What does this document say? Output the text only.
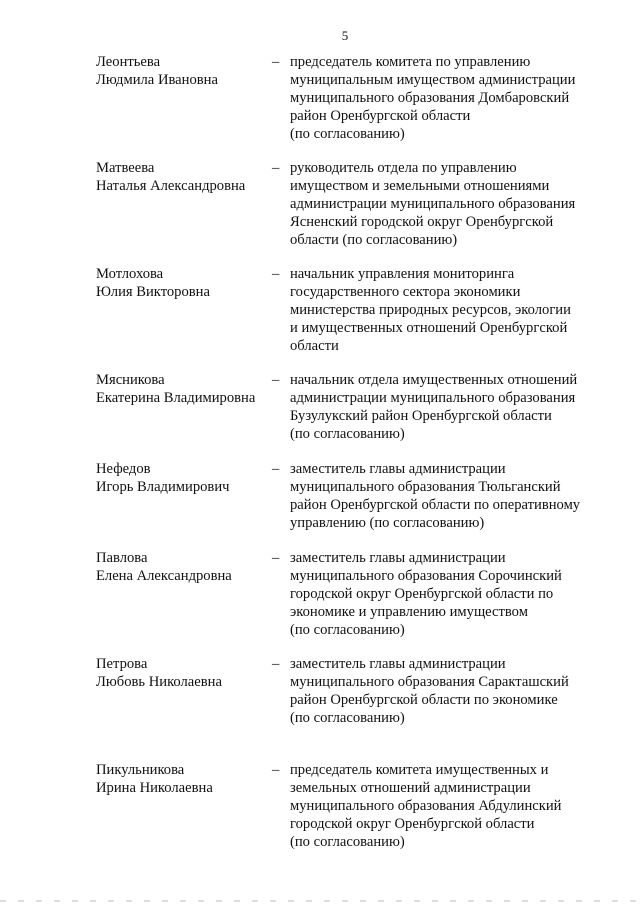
5
Леонтьева
Людмила Ивановна
– председатель комитета по управлению
муниципальным имуществом администрации
муниципального образования Домбаровский
район Оренбургской области
(по согласованию)
Матвеева
Наталья Александровна
– руководитель отдела по управлению
имуществом и земельными отношениями
администрации муниципального образования
Ясненский городской округ Оренбургской
области (по согласованию)
Мотлохова
Юлия Викторовна
– начальник управления мониторинга
государственного сектора экономики
министерства природных ресурсов, экологии
и имущественных отношений Оренбургской
области
Мясникова
Екатерина Владимировна
– начальник отдела имущественных отношений
администрации муниципального образования
Бузулукский район Оренбургской области
(по согласованию)
Нефедов
Игорь Владимирович
– заместитель главы администрации
муниципального образования Тюльганский
район Оренбургской области по оперативному
управлению (по согласованию)
Павлова
Елена Александровна
– заместитель главы администрации
муниципального образования Сорочинский
городской округ Оренбургской области по
экономике и управлению имуществом
(по согласованию)
Петрова
Любовь Николаевна
– заместитель главы администрации
муниципального образования Саракташский
район Оренбургской области по экономике
(по согласованию)
Пикульникова
Ирина Николаевна
– председатель комитета имущественных и
земельных отношений администрации
муниципального образования Абдулинский
городской округ Оренбургской области
(по согласованию)
